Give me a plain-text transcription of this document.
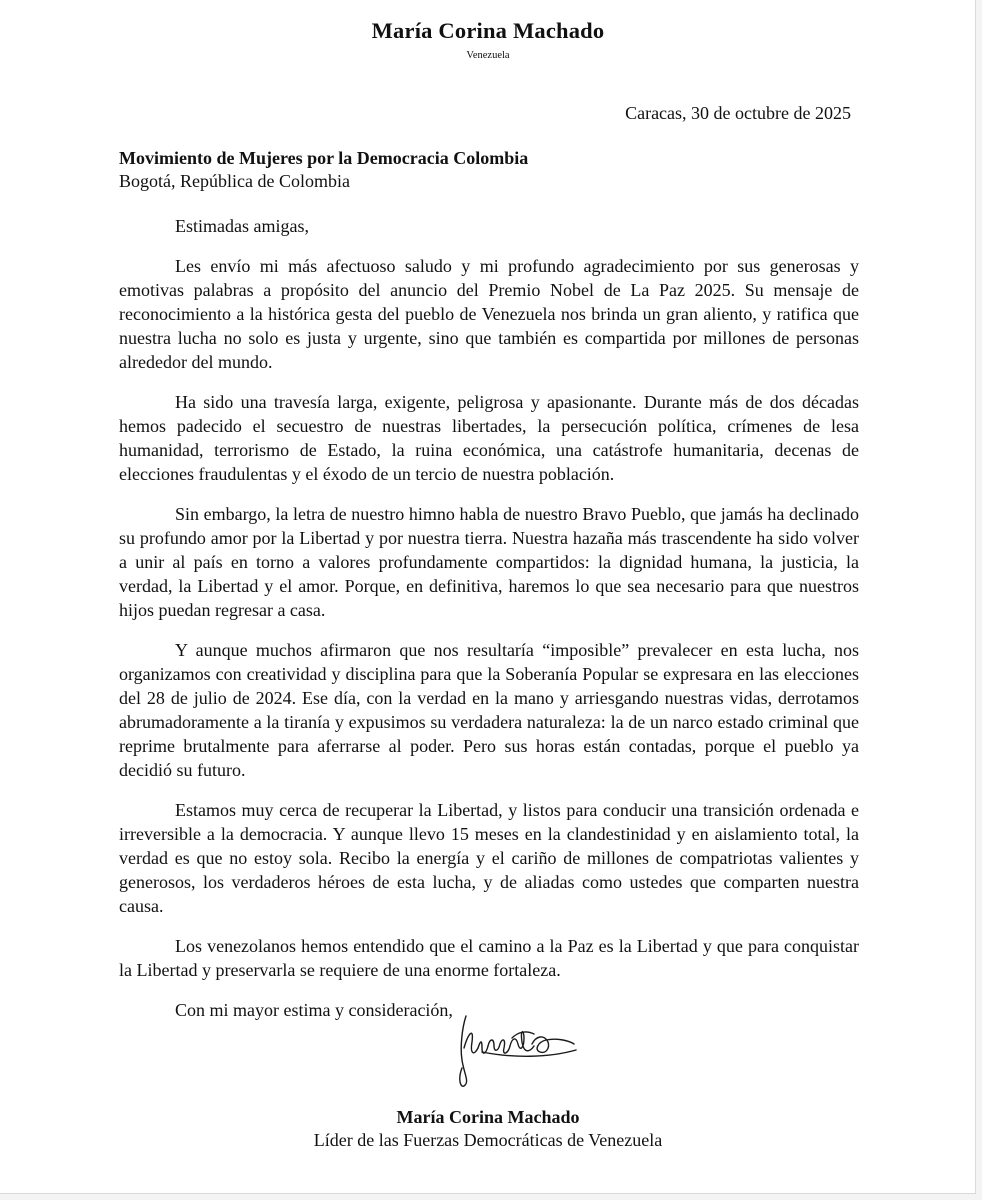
María Corina Machado
Venezuela
Caracas, 30 de octubre de 2025
Movimiento de Mujeres por la Democracia Colombia
Bogotá, República de Colombia

Estimadas amigas,

Les envío mi más afectuoso saludo y mi profundo agradecimiento por sus generosas y emotivas palabras a propósito del anuncio del Premio Nobel de La Paz 2025. Su mensaje de reconocimiento a la histórica gesta del pueblo de Venezuela nos brinda un gran aliento, y ratifica que nuestra lucha no solo es justa y urgente, sino que también es compartida por millones de personas alrededor del mundo.

Ha sido una travesía larga, exigente, peligrosa y apasionante. Durante más de dos décadas hemos padecido el secuestro de nuestras libertades, la persecución política, crímenes de lesa humanidad, terrorismo de Estado, la ruina económica, una catástrofe humanitaria, decenas de elecciones fraudulentas y el éxodo de un tercio de nuestra población.

Sin embargo, la letra de nuestro himno habla de nuestro Bravo Pueblo, que jamás ha declinado su profundo amor por la Libertad y por nuestra tierra. Nuestra hazaña más trascendente ha sido volver a unir al país en torno a valores profundamente compartidos: la dignidad humana, la justicia, la verdad, la Libertad y el amor. Porque, en definitiva, haremos lo que sea necesario para que nuestros hijos puedan regresar a casa.

Y aunque muchos afirmaron que nos resultaría “imposible” prevalecer en esta lucha, nos organizamos con creatividad y disciplina para que la Soberanía Popular se expresara en las elecciones del 28 de julio de 2024. Ese día, con la verdad en la mano y arriesgando nuestras vidas, derrotamos abrumadoramente a la tiranía y expusimos su verdadera naturaleza: la de un narco estado criminal que reprime brutalmente para aferrarse al poder. Pero sus horas están contadas, porque el pueblo ya decidió su futuro.

Estamos muy cerca de recuperar la Libertad, y listos para conducir una transición ordenada e irreversible a la democracia. Y aunque llevo 15 meses en la clandestinidad y en aislamiento total, la verdad es que no estoy sola. Recibo la energía y el cariño de millones de compatriotas valientes y generosos, los verdaderos héroes de esta lucha, y de aliadas como ustedes que comparten nuestra causa.

Los venezolanos hemos entendido que el camino a la Paz es la Libertad y que para conquistar la Libertad y preservarla se requiere de una enorme fortaleza.

Con mi mayor estima y consideración,

María Corina Machado
Líder de las Fuerzas Democráticas de Venezuela
